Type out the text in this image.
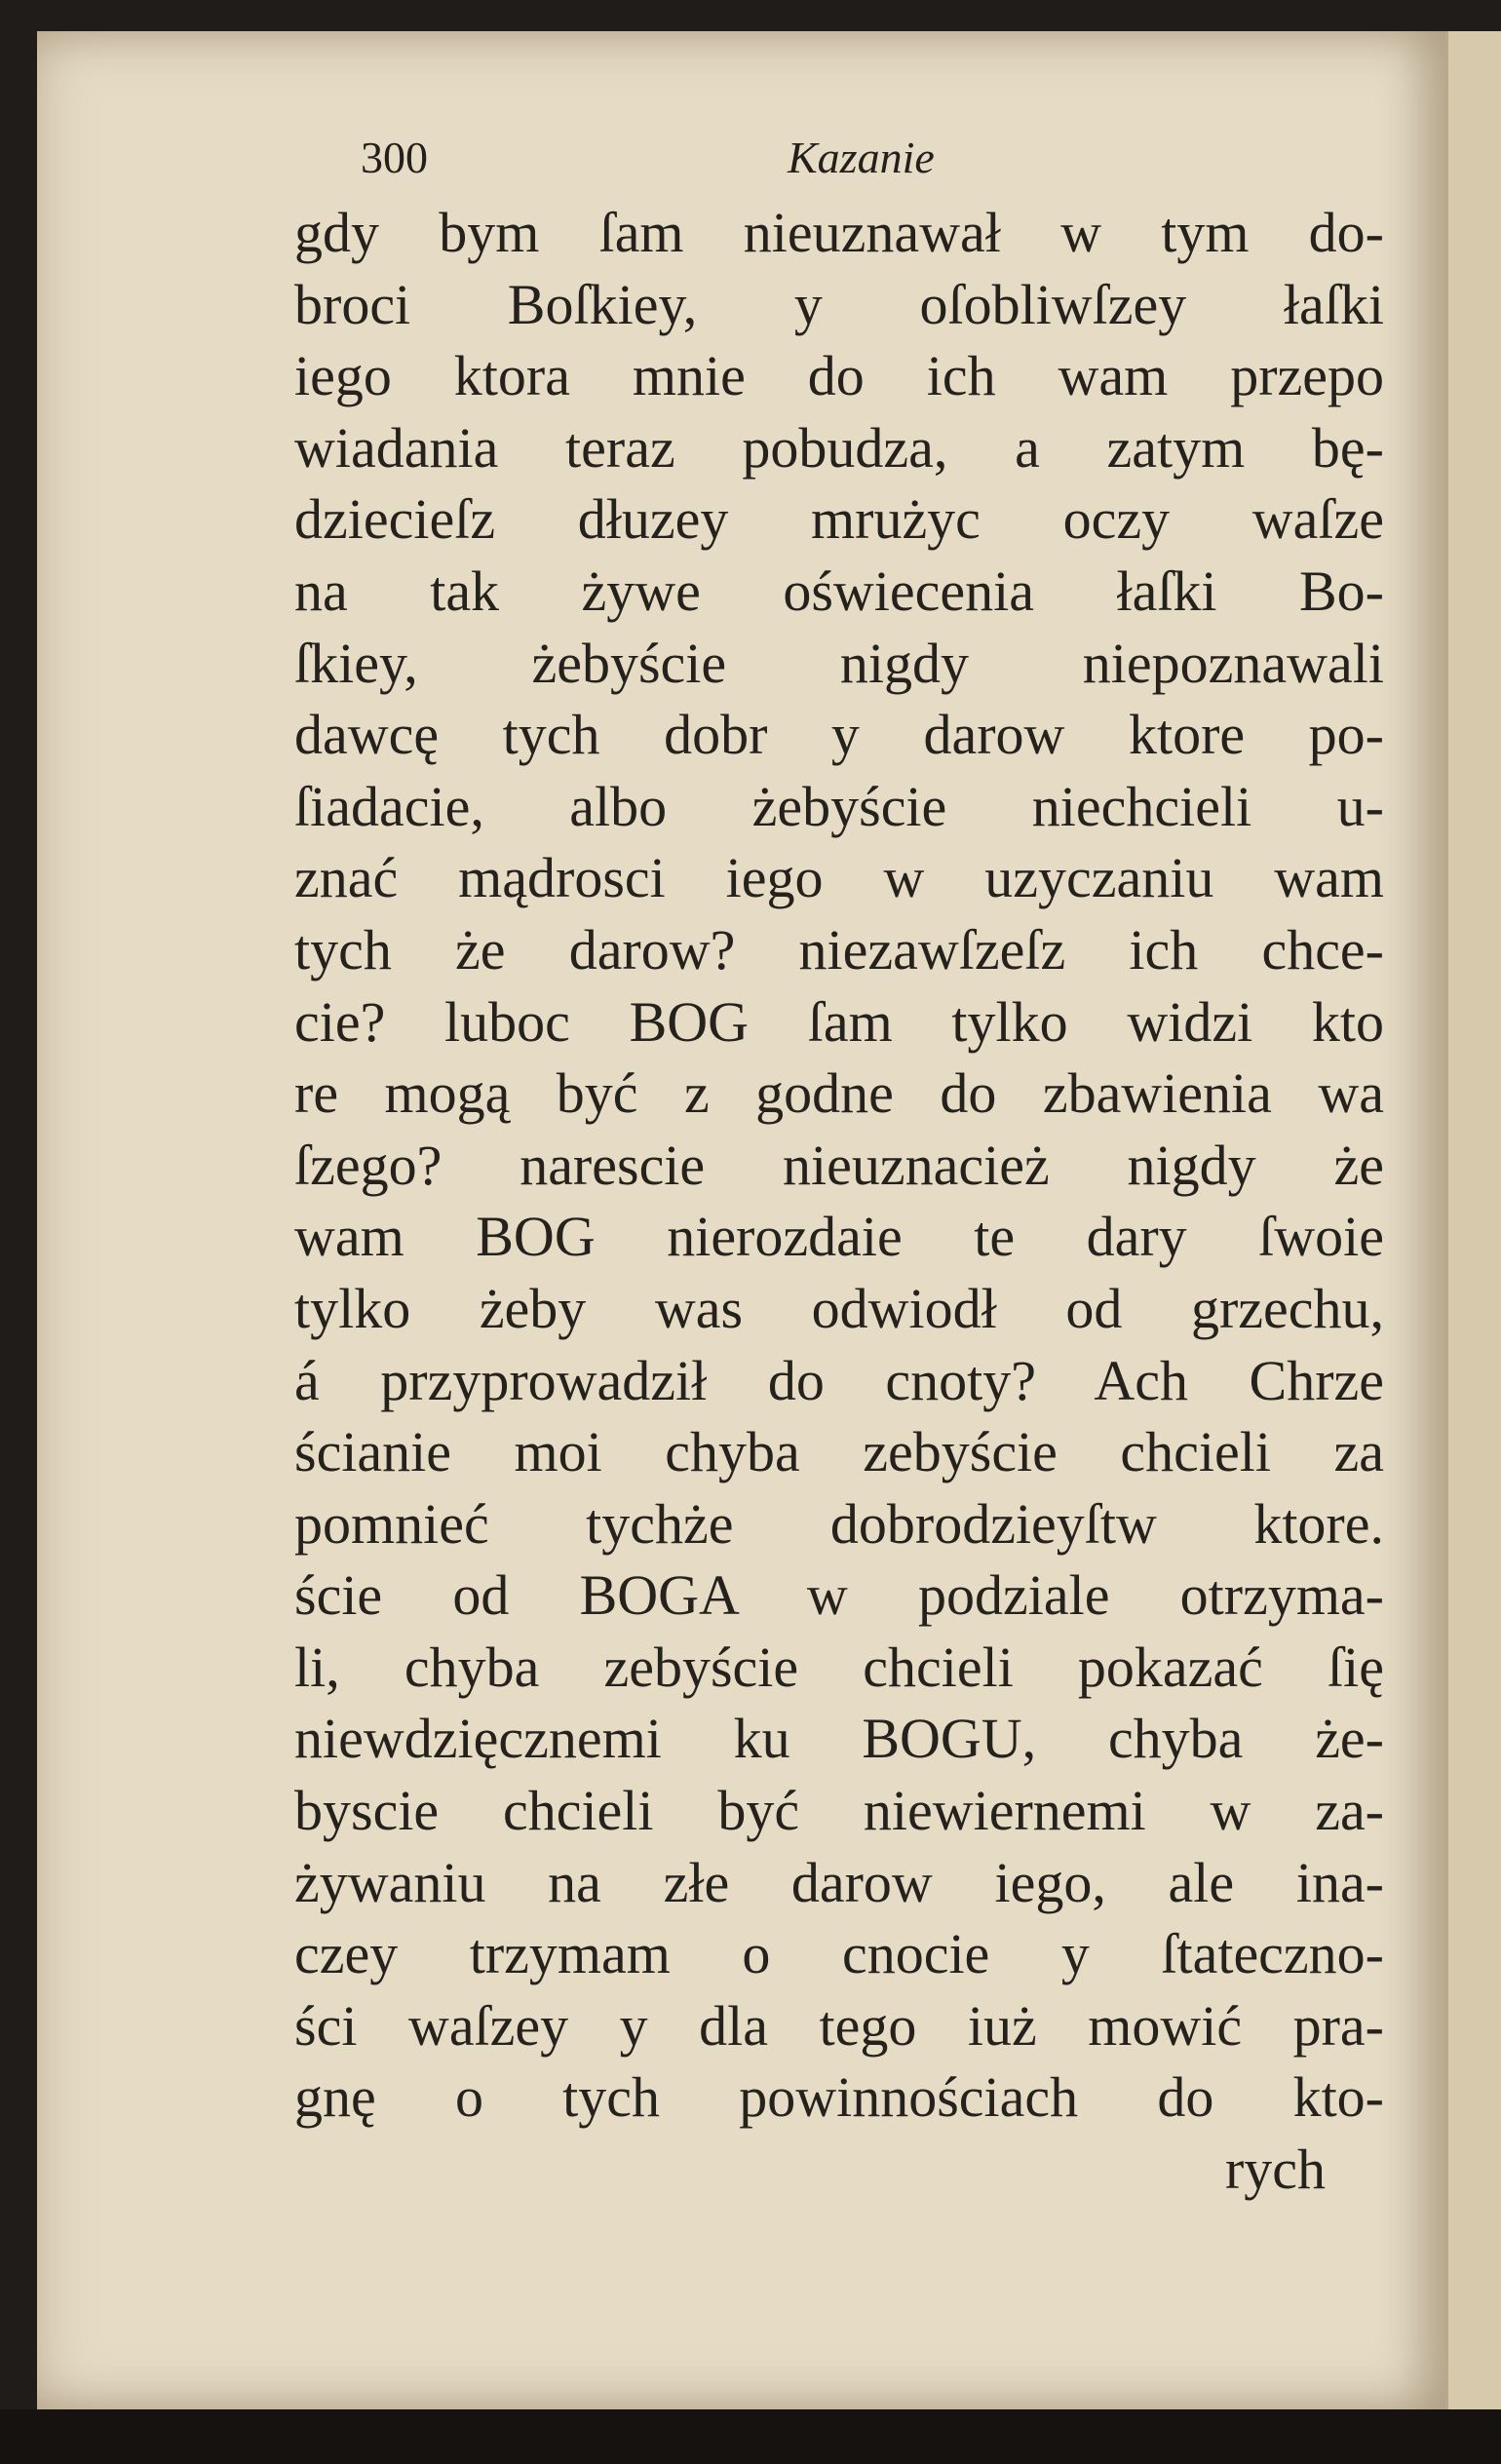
300	Kazanie
gdy bym ſam nieuznawał w tym do-
broci Boſkiey, y oſobliwſzey łaſki
iego ktora mnie do ich wam przepo
wiadania teraz pobudza, a zatym bę-
dziecieſz dłuzey mrużyc oczy waſze
na tak żywe oświecenia łaſki Bo-
ſkiey, żebyście nigdy niepoznawali
dawcę tych dobr y darow ktore po-
ſiadacie, albo żebyście niechcieli u-
znać mądrosci iego w uzyczaniu wam
tych że darow? niezawſzeſz ich chce-
cie? luboc BOG ſam tylko widzi kto
re mogą być z godne do zbawienia wa
ſzego? narescie nieuznacież nigdy że
wam BOG nierozdaie te dary ſwoie
tylko żeby was odwiodł od grzechu,
á przyprowadził do cnoty? Ach Chrze
ścianie moi chyba zebyście chcieli za
pomnieć tychże dobrodzieyſtw ktore.
ście od BOGA w podziale otrzyma-
li, chyba zebyście chcieli pokazać ſię
niewdzięcznemi ku BOGU, chyba że-
byscie chcieli być niewiernemi w za-
żywaniu na złe darow iego, ale ina-
czey trzymam o cnocie y ſtateczno-
ści waſzey y dla tego iuż mowić pra-
gnę o tych powinnościach do kto-
rych
